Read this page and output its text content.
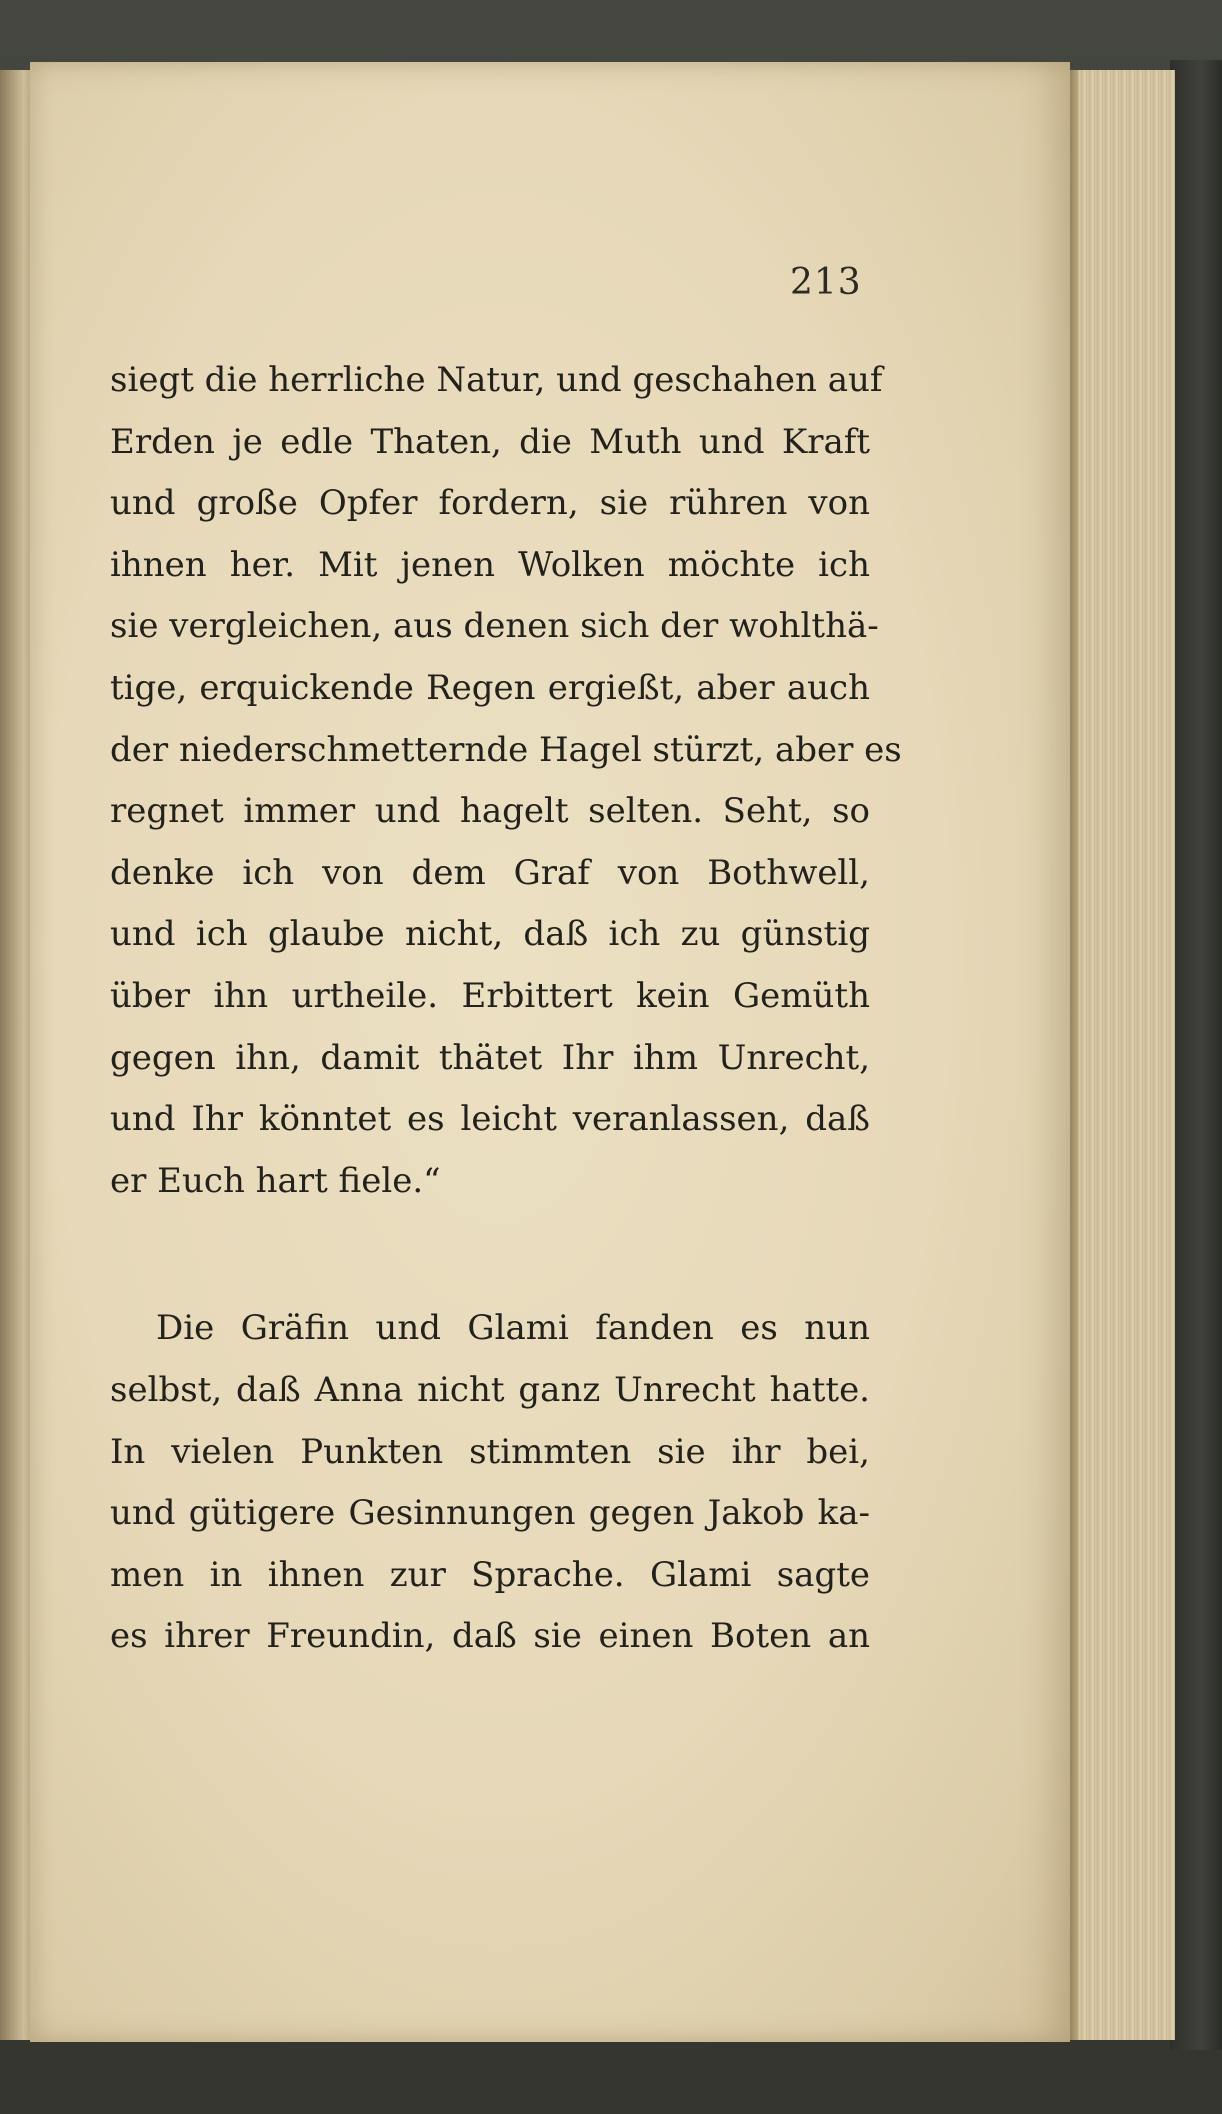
213
siegt die herrliche Natur, und geschahen auf
Erden je edle Thaten, die Muth und Kraft
und große Opfer fordern, sie rühren von
ihnen her. Mit jenen Wolken möchte ich
sie vergleichen, aus denen sich der wohlthä-
tige, erquickende Regen ergießt, aber auch
der niederschmetternde Hagel stürzt, aber es
regnet immer und hagelt selten. Seht, so
denke ich von dem Graf von Bothwell,
und ich glaube nicht, daß ich zu günstig
über ihn urtheile. Erbittert kein Gemüth
gegen ihn, damit thätet Ihr ihm Unrecht,
und Ihr könntet es leicht veranlassen, daß
er Euch hart fiele.“
Die Gräfin und Glami fanden es nun
selbst, daß Anna nicht ganz Unrecht hatte.
In vielen Punkten stimmten sie ihr bei,
und gütigere Gesinnungen gegen Jakob ka-
men in ihnen zur Sprache. Glami sagte
es ihrer Freundin, daß sie einen Boten an
